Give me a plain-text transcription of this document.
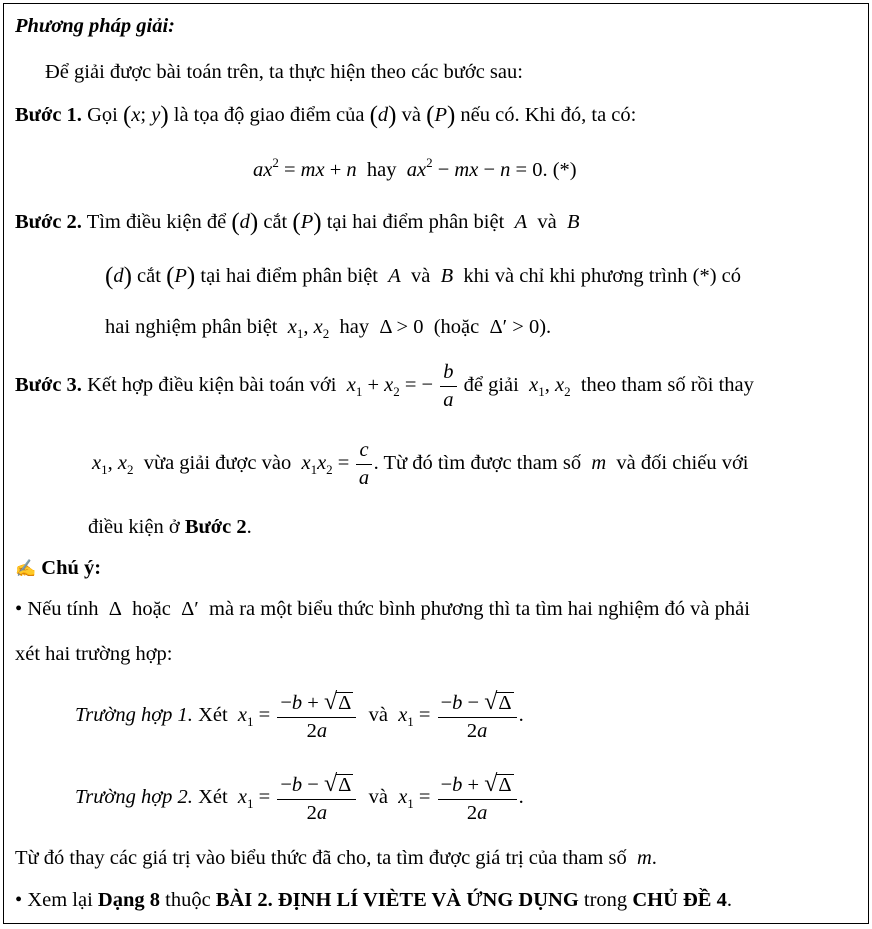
Phương pháp giải:
Để giải được bài toán trên, ta thực hiện theo các bước sau:
Bước 1. Gọi (x; y) là tọa độ giao điểm của (d) và (P) nếu có. Khi đó, ta có:
$ax^2$ = mx + n hay $ax^2$ − mx − n = 0. (*)
Bước 2. Tìm điều kiện để (d) cắt (P) tại hai điểm phân biệt A và B
(d) cắt (P) tại hai điểm phân biệt A và B khi và chỉ khi phương trình (*) có
hai nghiệm phân biệt $x_1$, $x_2$ hay  Δ > 0  (hoặc  Δ′ > 0).
Bước 3. Kết hợp điều kiện bài toán với $x_1 + x_2$ = − $\frac{b}{a}$ để giải $x_1$, $x_2$ theo tham số rồi thay
$x_1$, $x_2$ vừa giải được vào $x_1x_2 = \frac{c}{a}$ . Từ đó tìm được tham số m và đối chiếu với
điều kiện ở Bước 2.
✍ Chú ý:
• Nếu tính  Δ  hoặc  Δ′  mà ra một biểu thức bình phương thì ta tìm hai nghiệm đó và phải
xét hai trường hợp:
Trường hợp 1. Xét $x_1 = \frac{-b + √\Delta}{2a}$ và $x_1 = \frac{-b - √\Delta}{2a}$ .
Trường hợp 2. Xét $x_1 = \frac{-b - √\Delta}{2a}$ và $x_1 = \frac{-b + √\Delta}{2a}$ .
Từ đó thay các giá trị vào biểu thức đã cho, ta tìm được giá trị của tham số m.
• Xem lại Dạng 8 thuộc BÀI 2. ĐỊNH LÍ VIÈTE VÀ ỨNG DỤNG trong CHỦ ĐỀ 4.
